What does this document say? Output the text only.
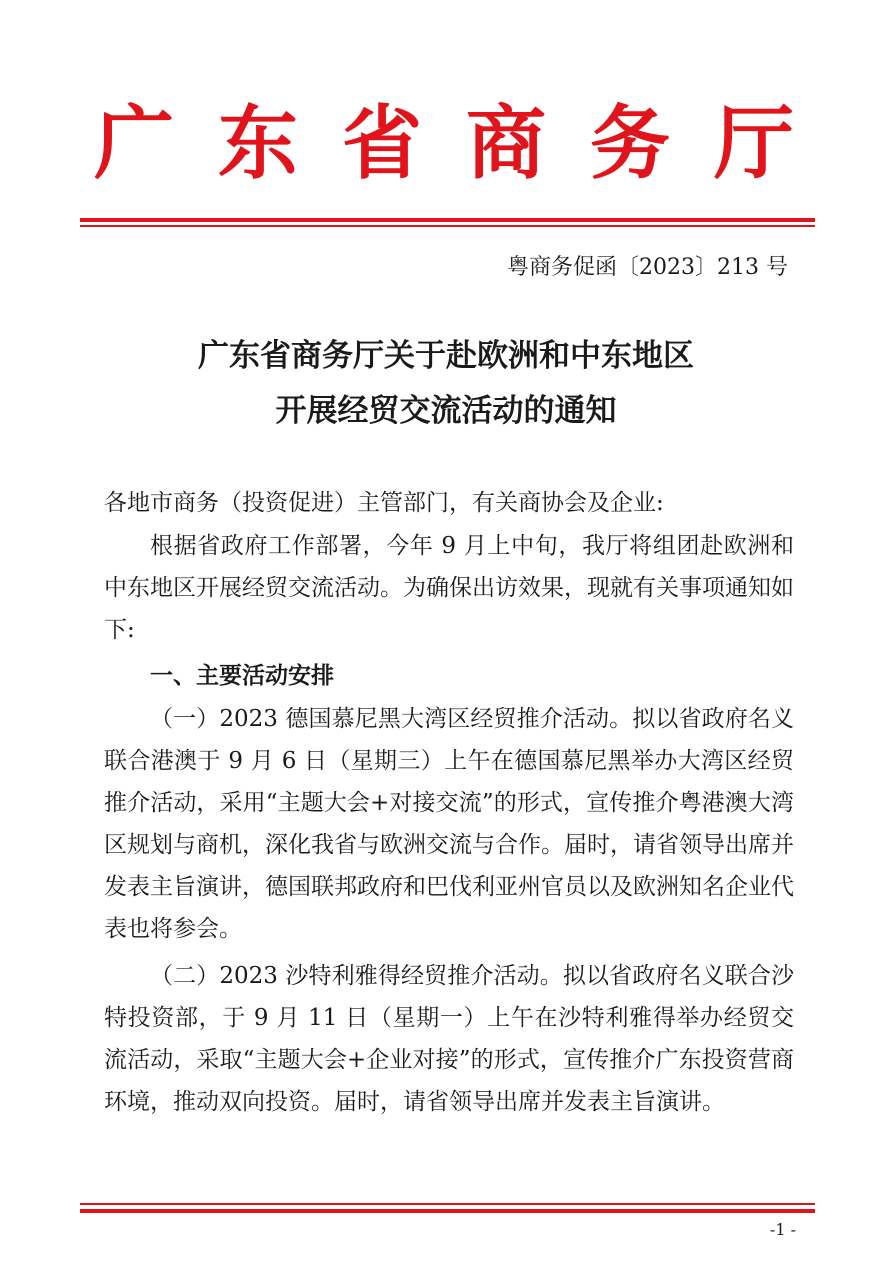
广东省商务厅
粤商务促函〔2023〕213 号
广东省商务厅关于赴欧洲和中东地区
开展经贸交流活动的通知
各地市商务（投资促进）主管部门，有关商协会及企业:
根据省政府工作部署，今年 9 月上中旬，我厅将组团赴欧洲和中东地区开展经贸交流活动。为确保出访效果，现就有关事项通知如下:
一、主要活动安排
（一）2023 德国慕尼黑大湾区经贸推介活动。拟以省政府名义联合港澳于 9 月 6 日（星期三）上午在德国慕尼黑举办大湾区经贸推介活动，采用“主题大会+对接交流”的形式，宣传推介粤港澳大湾区规划与商机，深化我省与欧洲交流与合作。届时，请省领导出席并发表主旨演讲，德国联邦政府和巴伐利亚州官员以及欧洲知名企业代表也将参会。
（二）2023 沙特利雅得经贸推介活动。拟以省政府名义联合沙特投资部，于 9 月 11 日（星期一）上午在沙特利雅得举办经贸交流活动，采取“主题大会+企业对接”的形式，宣传推介广东投资营商环境，推动双向投资。届时，请省领导出席并发表主旨演讲。
-1 -
